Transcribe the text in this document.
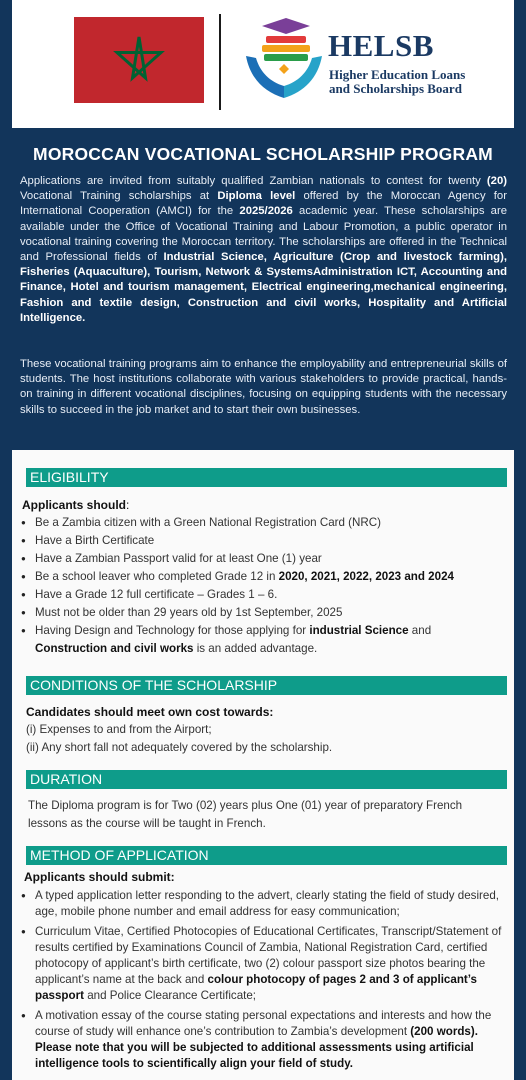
HELSB
Higher Education Loans
and Scholarships Board
MOROCCAN VOCATIONAL SCHOLARSHIP PROGRAM
Applications are invited from suitably qualified Zambian nationals to contest for twenty (20) Vocational Training scholarships at Diploma level offered by the Moroccan Agency for International Cooperation (AMCI) for the 2025/2026 academic year. These scholarships are available under the Office of Vocational Training and Labour Promotion, a public operator in vocational training covering the Moroccan territory. The scholarships are offered in the Technical and Professional fields of Industrial Science, Agriculture (Crop and livestock farming), Fisheries (Aquaculture), Tourism, Network & SystemsAdministration ICT, Accounting and Finance, Hotel and tourism management, Electrical engineering,mechanical engineering, Fashion and textile design, Construction and civil works, Hospitality and Artificial Intelligence.
These vocational training programs aim to enhance the employability and entrepreneurial skills of students. The host institutions collaborate with various stakeholders to provide practical, hands-on training in different vocational disciplines, focusing on equipping students with the necessary skills to succeed in the job market and to start their own businesses.
ELIGIBILITY
Applicants should:
● Be a Zambia citizen with a Green National Registration Card (NRC)
● Have a Birth Certificate
● Have a Zambian Passport valid for at least One (1) year
● Be a school leaver who completed Grade 12 in 2020, 2021, 2022, 2023 and 2024
● Have a Grade 12 full certificate – Grades 1 – 6.
● Must not be older than 29 years old by 1st September, 2025
● Having Design and Technology for those applying for industrial Science and
Construction and civil works is an added advantage.
CONDITIONS OF THE SCHOLARSHIP
Candidates should meet own cost towards:
(i) Expenses to and from the Airport;
(ii) Any short fall not adequately covered by the scholarship.
DURATION
The Diploma program is for Two (02) years plus One (01) year of preparatory French lessons as the course will be taught in French.
METHOD OF APPLICATION
Applicants should submit:
● A typed application letter responding to the advert, clearly stating the field of study desired, age, mobile phone number and email address for easy communication;
● Curriculum Vitae, Certified Photocopies of Educational Certificates, Transcript/Statement of results certified by Examinations Council of Zambia, National Registration Card, certified photocopy of applicant’s birth certificate, two (2) colour passport size photos bearing the applicant’s name at the back and colour photocopy of pages 2 and 3 of applicant’s passport and Police Clearance Certificate;
● A motivation essay of the course stating personal expectations and interests and how the course of study will enhance one’s contribution to Zambia’s development (200 words). Please note that you will be subjected to additional assessments using artificial intelligence tools to scientifically align your field of study.
